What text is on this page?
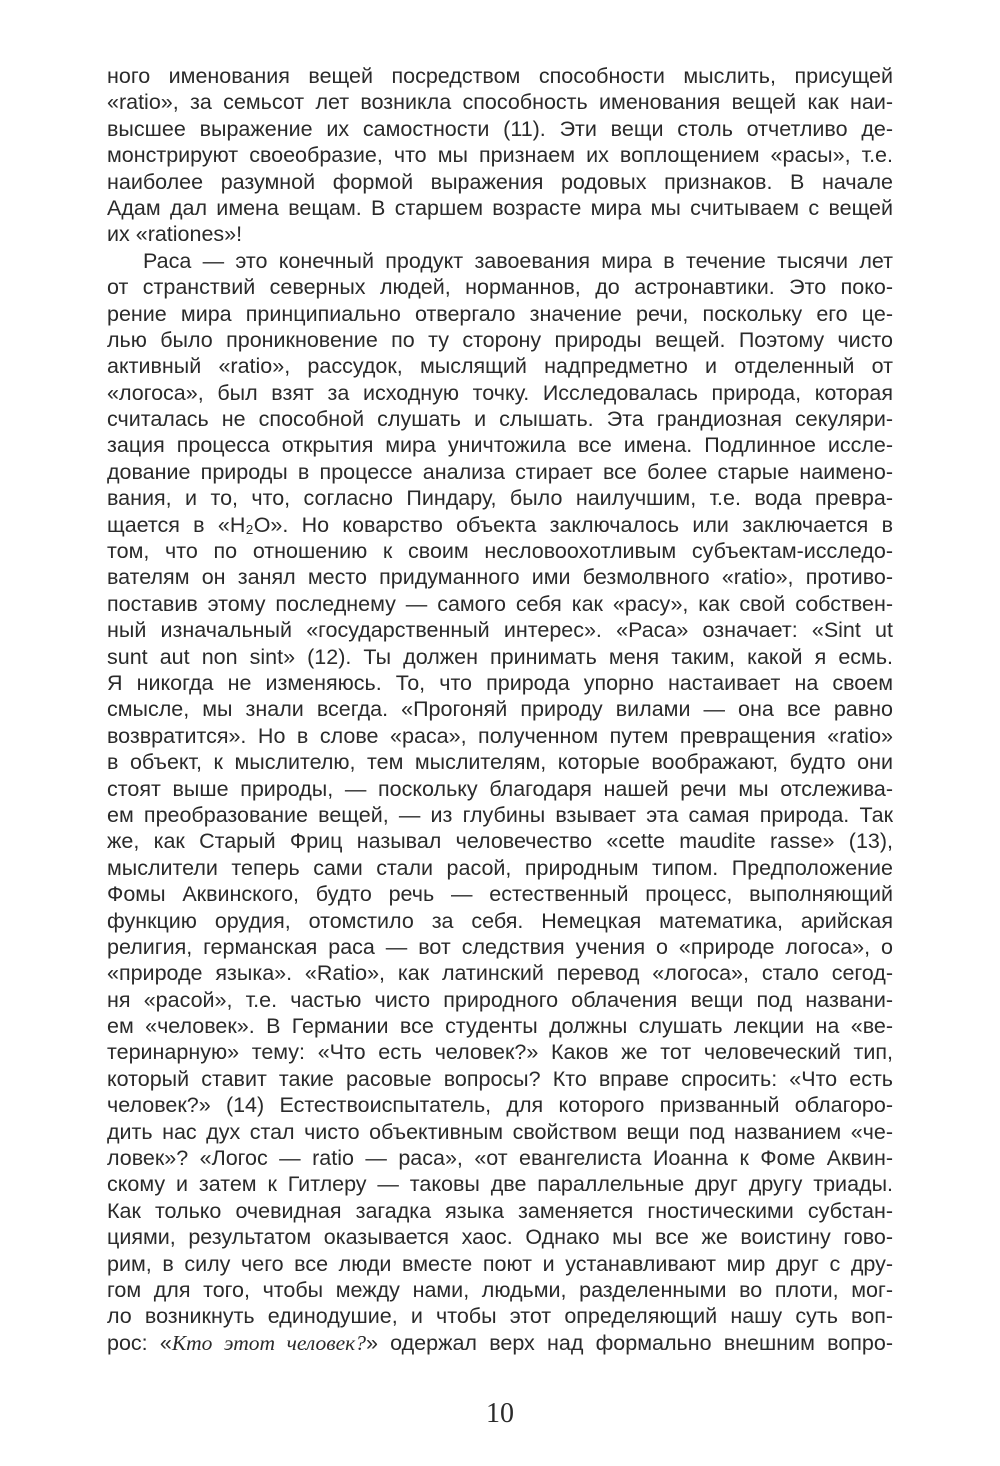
ного именования вещей посредством способности мыслить, присущей
«ratio», за семьсот лет возникла способность именования вещей как наи-
высшее выражение их самостности (11). Эти вещи столь отчетливо де-
монстрируют своеобразие, что мы признаем их воплощением «расы», т.е.
наиболее разумной формой выражения родовых признаков. В начале
Адам дал имена вещам. В старшем возрасте мира мы считываем с вещей
их «rationes»!
Раса — это конечный продукт завоевания мира в течение тысячи лет
от странствий северных людей, норманнов, до астронавтики. Это поко-
рение мира принципиально отвергало значение речи, поскольку его це-
лью было проникновение по ту сторону природы вещей. Поэтому чисто
активный «ratio», рассудок, мыслящий надпредметно и отделенный от
«логоса», был взят за исходную точку. Исследовалась природа, которая
считалась не способной слушать и слышать. Эта грандиозная секуляри-
зация процесса открытия мира уничтожила все имена. Подлинное иссле-
дование природы в процессе анализа стирает все более старые наимено-
вания, и то, что, согласно Пиндару, было наилучшим, т.е. вода превра-
щается в «H₂O». Но коварство объекта заключалось или заключается в
том, что по отношению к своим несловоохотливым субъектам-исследо-
вателям он занял место придуманного ими безмолвного «ratio», противо-
поставив этому последнему — самого себя как «расу», как свой собствен-
ный изначальный «государственный интерес». «Раса» означает: «Sint ut
sunt aut non sint» (12). Ты должен принимать меня таким, какой я есмь.
Я никогда не изменяюсь. То, что природа упорно настаивает на своем
смысле, мы знали всегда. «Прогоняй природу вилами — она все равно
возвратится». Но в слове «раса», полученном путем превращения «ratio»
в объект, к мыслителю, тем мыслителям, которые воображают, будто они
стоят выше природы, — поскольку благодаря нашей речи мы отслежива-
ем преобразование вещей, — из глубины взывает эта самая природа. Так
же, как Старый Фриц называл человечество «cette maudite rasse» (13),
мыслители теперь сами стали расой, природным типом. Предположение
Фомы Аквинского, будто речь — естественный процесс, выполняющий
функцию орудия, отомстило за себя. Немецкая математика, арийская
религия, германская раса — вот следствия учения о «природе логоса», о
«природе языка». «Ratio», как латинский перевод «логоса», стало сегод-
ня «расой», т.е. частью чисто природного облачения вещи под названи-
ем «человек». В Германии все студенты должны слушать лекции на «ве-
теринарную» тему: «Что есть человек?» Каков же тот человеческий тип,
который ставит такие расовые вопросы? Кто вправе спросить: «Что есть
человек?» (14) Естествоиспытатель, для которого призванный облагоро-
дить нас дух стал чисто объективным свойством вещи под названием «че-
ловек»? «Логос — ratio — раса», «от евангелиста Иоанна к Фоме Аквин-
скому и затем к Гитлеру — таковы две параллельные друг другу триады.
Как только очевидная загадка языка заменяется гностическими субстан-
циями, результатом оказывается хаос. Однако мы все же воистину гово-
рим, в силу чего все люди вместе поют и устанавливают мир друг с дру-
гом для того, чтобы между нами, людьми, разделенными во плоти, мог-
ло возникнуть единодушие, и чтобы этот определяющий нашу суть воп-
рос: «Кто этот человек?» одержал верх над формально внешним вопро-
10
